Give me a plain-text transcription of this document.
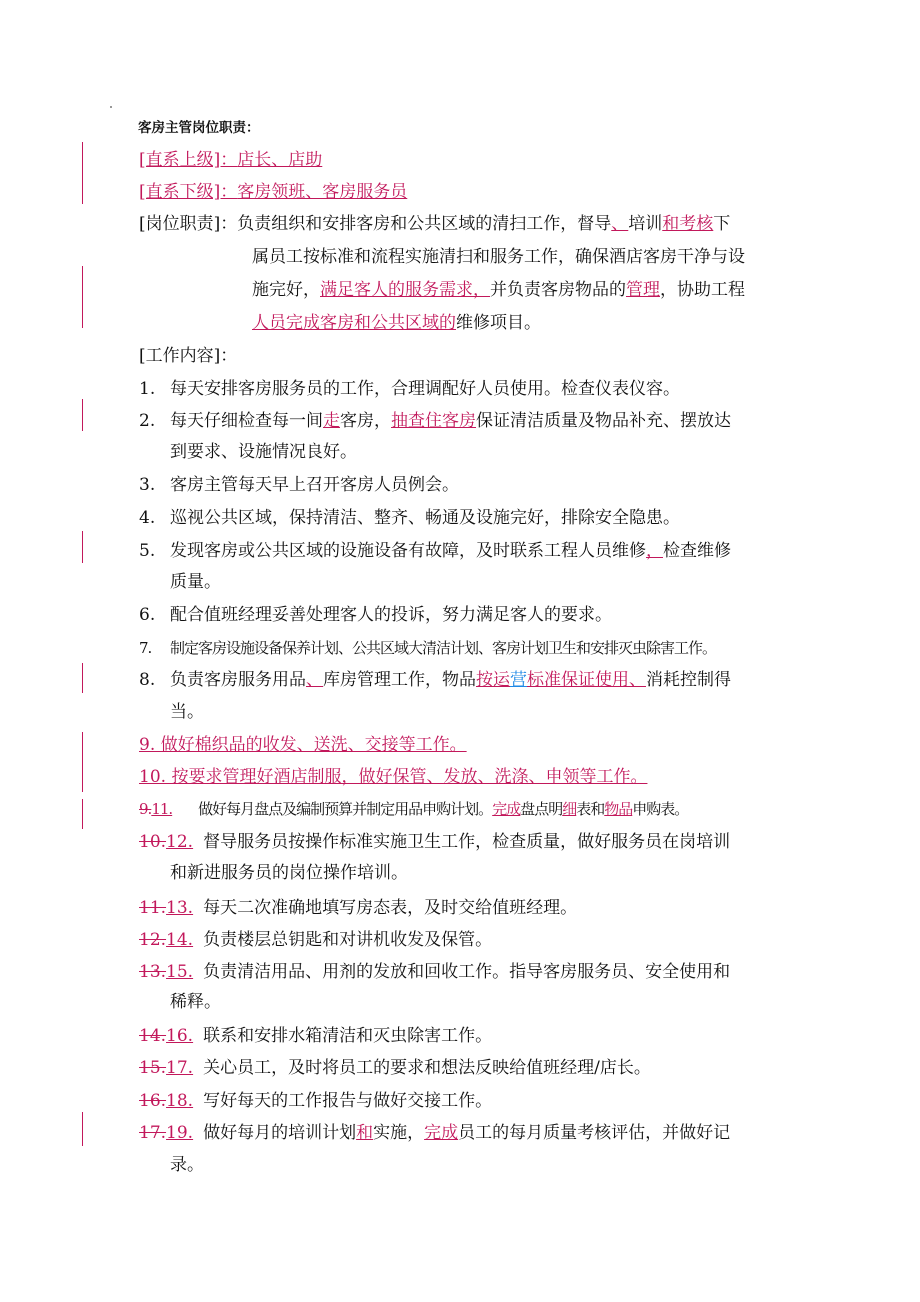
客房主管岗位职责：
[直系上级]：店长、店助
[直系下级]：客房领班、客房服务员
[岗位职责]：负责组织和安排客房和公共区域的清扫工作，督导、培训和考核下
属员工按标准和流程实施清扫和服务工作，确保酒店客房干净与设
施完好，满足客人的服务需求，并负责客房物品的管理，协助工程
人员完成客房和公共区域的维修项目。
[工作内容]：
1. 每天安排客房服务员的工作，合理调配好人员使用。检查仪表仪容。
2. 每天仔细检查每一间走客房，抽查住客房保证清洁质量及物品补充、摆放达
到要求、设施情况良好。
3. 客房主管每天早上召开客房人员例会。
4. 巡视公共区域，保持清洁、整齐、畅通及设施完好，排除安全隐患。
5. 发现客房或公共区域的设施设备有故障，及时联系工程人员维修，检查维修
质量。
6. 配合值班经理妥善处理客人的投诉，努力满足客人的要求。
7. 制定客房设施设备保养计划、公共区域大清洁计划、客房计划卫生和安排灭虫除害工作。
8. 负责客房服务用品、库房管理工作，物品按运营标准保证使用、消耗控制得
当。
9. 做好棉织品的收发、送洗、交接等工作。
10. 按要求管理好酒店制服，做好保管、发放、洗涤、申领等工作。
9.11. 做好每月盘点及编制预算并制定用品申购计划。完成盘点明细表和物品申购表。
10.12. 督导服务员按操作标准实施卫生工作，检查质量，做好服务员在岗培训
和新进服务员的岗位操作培训。
11.13. 每天二次准确地填写房态表，及时交给值班经理。
12.14. 负责楼层总钥匙和对讲机收发及保管。
13.15. 负责清洁用品、用剂的发放和回收工作。指导客房服务员、安全使用和
稀释。
14.16. 联系和安排水箱清洁和灭虫除害工作。
15.17. 关心员工，及时将员工的要求和想法反映给值班经理/店长。
16.18. 写好每天的工作报告与做好交接工作。
17.19. 做好每月的培训计划和实施，完成员工的每月质量考核评估，并做好记
录。
